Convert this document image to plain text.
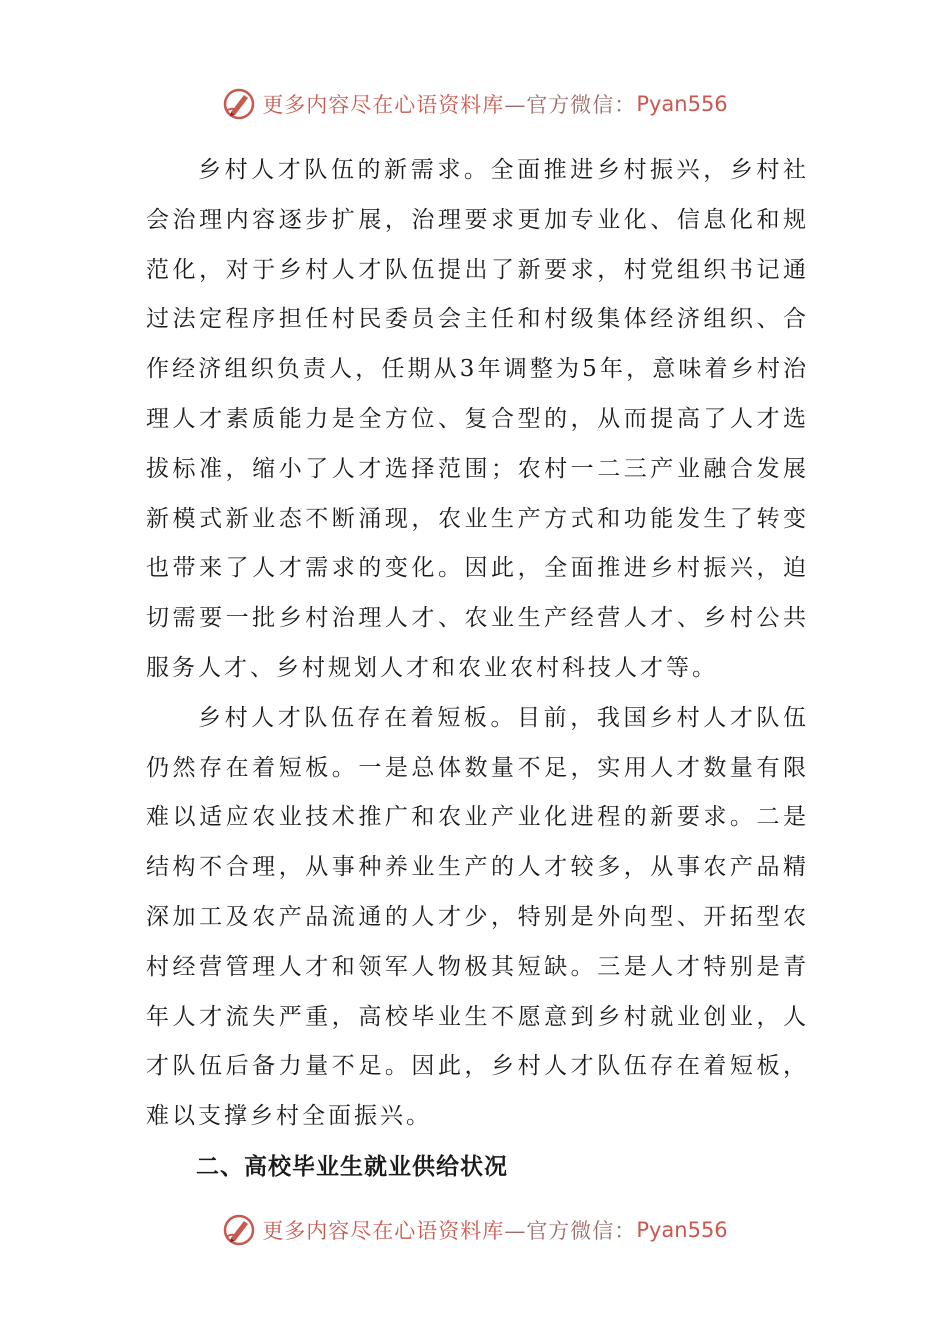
更多内容尽在心语资料库 —官方微信： Pyan556
乡村人才队伍的新需求。全面推进乡村振兴，乡村社
会治理内容逐步扩展，治理要求更加专业化、信息化和规
范化，对于乡村人才队伍提出了新要求，村党组织书记通
过法定程序担任村民委员会主任和村级集体经济组织、合
作经济组织负责人，任期从3年调整为5年，意味着乡村治
理人才素质能力是全方位、复合型的，从而提高了人才选
拔标准，缩小了人才选择范围；农村一二三产业融合发展
新模式新业态不断涌现，农业生产方式和功能发生了转变
也带来了人才需求的变化。因此，全面推进乡村振兴，迫
切需要一批乡村治理人才、农业生产经营人才、乡村公共
服务人才、乡村规划人才和农业农村科技人才等。
乡村人才队伍存在着短板。目前，我国乡村人才队伍
仍然存在着短板。一是总体数量不足，实用人才数量有限
难以适应农业技术推广和农业产业化进程的新要求。二是
结构不合理，从事种养业生产的人才较多，从事农产品精
深加工及农产品流通的人才少，特别是外向型、开拓型农
村经营管理人才和领军人物极其短缺。三是人才特别是青
年人才流失严重，高校毕业生不愿意到乡村就业创业，人
才队伍后备力量不足。因此，乡村人才队伍存在着短板，
难以支撑乡村全面振兴。
二、高校毕业生就业供给状况
更多内容尽在心语资料库 —官方微信： Pyan556
